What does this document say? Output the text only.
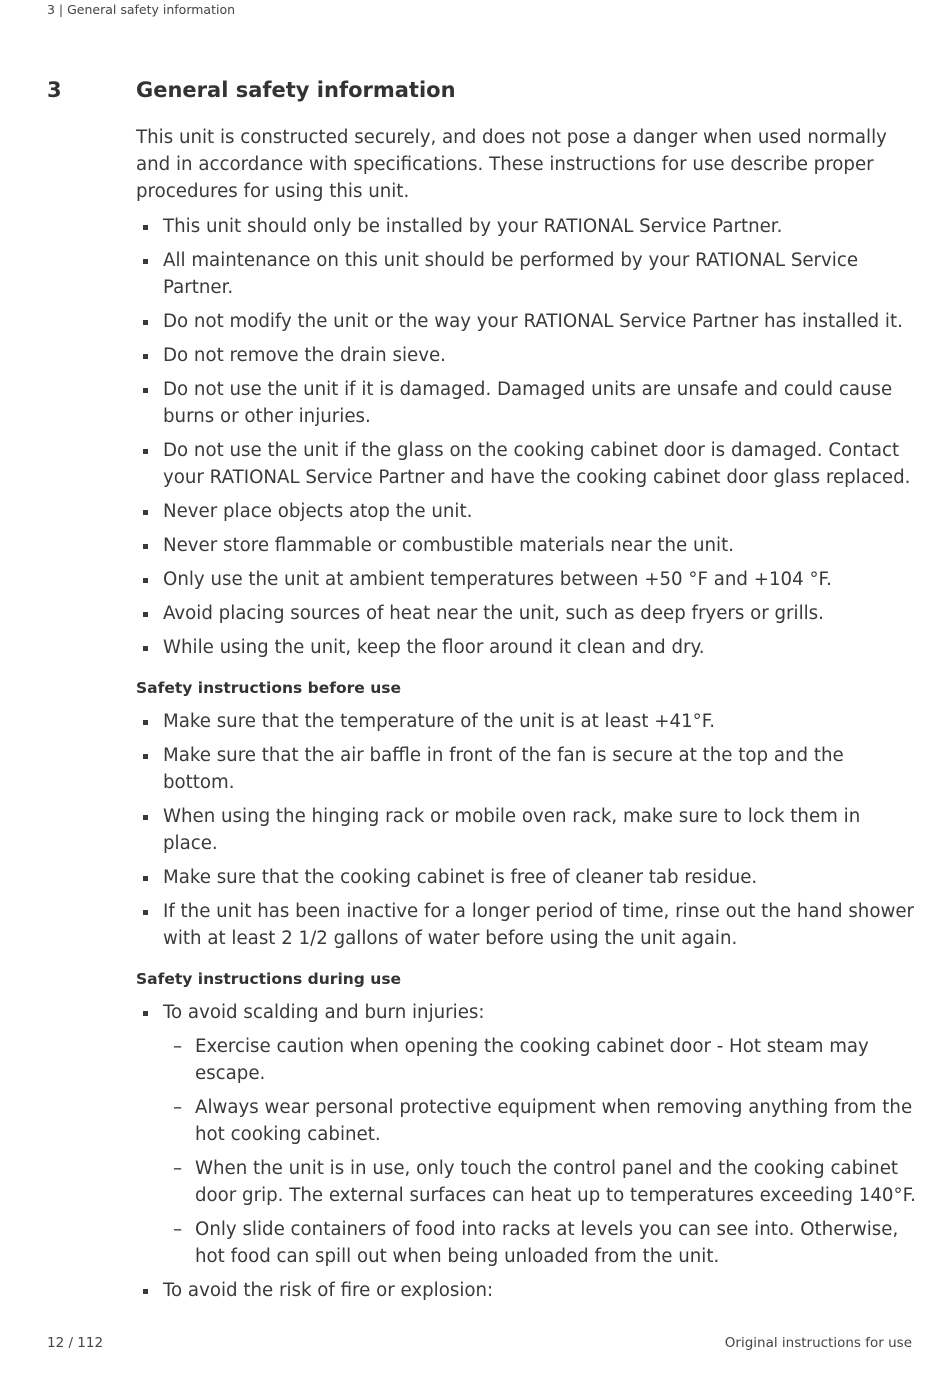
3 | General safety information
3	General safety information

This unit is constructed securely, and does not pose a danger when used normally and in accordance with specifications. These instructions for use describe proper procedures for using this unit.

This unit should only be installed by your RATIONAL Service Partner.
All maintenance on this unit should be performed by your RATIONAL Service Partner.
Do not modify the unit or the way your RATIONAL Service Partner has installed it.
Do not remove the drain sieve.
Do not use the unit if it is damaged. Damaged units are unsafe and could cause burns or other injuries.
Do not use the unit if the glass on the cooking cabinet door is damaged. Contact your RATIONAL Service Partner and have the cooking cabinet door glass replaced.
Never place objects atop the unit.
Never store flammable or combustible materials near the unit.
Only use the unit at ambient temperatures between +50 °F and +104 °F.
Avoid placing sources of heat near the unit, such as deep fryers or grills.
While using the unit, keep the floor around it clean and dry.
Safety instructions before use
Make sure that the temperature of the unit is at least +41°F.
Make sure that the air baffle in front of the fan is secure at the top and the bottom.
When using the hinging rack or mobile oven rack, make sure to lock them in place.
Make sure that the cooking cabinet is free of cleaner tab residue.
If the unit has been inactive for a longer period of time, rinse out the hand shower with at least 2 1/2 gallons of water before using the unit again.
Safety instructions during use
To avoid scalding and burn injuries:
– Exercise caution when opening the cooking cabinet door - Hot steam may escape.
– Always wear personal protective equipment when removing anything from the hot cooking cabinet.
– When the unit is in use, only touch the control panel and the cooking cabinet door grip. The external surfaces can heat up to temperatures exceeding 140°F.
– Only slide containers of food into racks at levels you can see into. Otherwise, hot food can spill out when being unloaded from the unit.
To avoid the risk of fire or explosion:
12 / 112	Original instructions for use
